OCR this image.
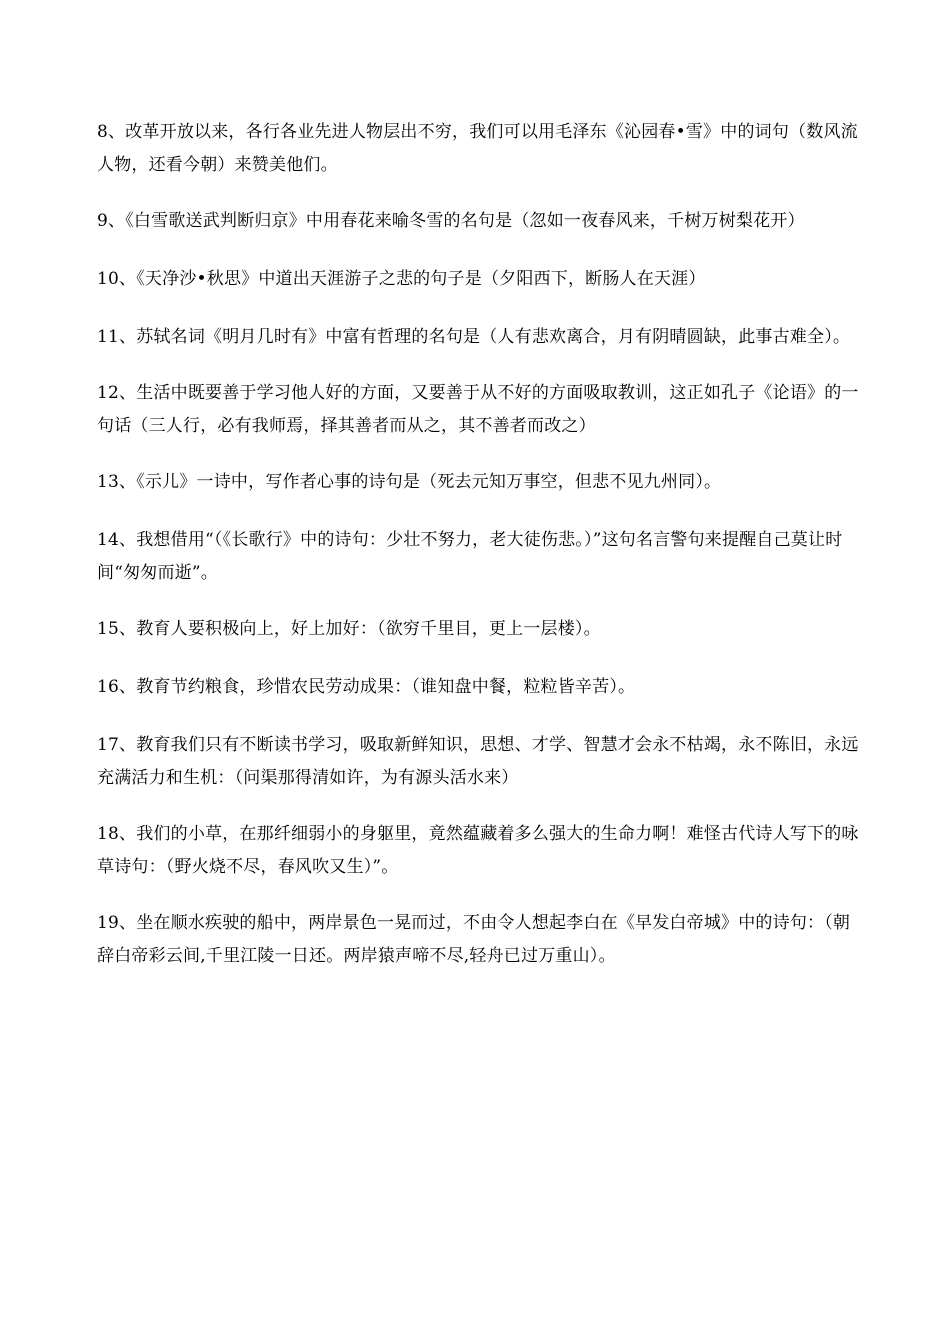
8、改革开放以来，各行各业先进人物层出不穷，我们可以用毛泽东《沁园春•雪》中的词句（数风流人物，还看今朝）来赞美他们。

9、《白雪歌送武判断归京》中用春花来喻冬雪的名句是（忽如一夜春风来，千树万树梨花开）

10、《天净沙•秋思》中道出天涯游子之悲的句子是（夕阳西下，断肠人在天涯）

11、苏轼名词《明月几时有》中富有哲理的名句是（人有悲欢离合，月有阴晴圆缺，此事古难全）。

12、生活中既要善于学习他人好的方面，又要善于从不好的方面吸取教训，这正如孔子《论语》的一句话（三人行，必有我师焉，择其善者而从之，其不善者而改之）

13、《示儿》一诗中，写作者心事的诗句是（死去元知万事空，但悲不见九州同）。

14、我想借用“（《长歌行》中的诗句：少壮不努力，老大徒伤悲。）”这句名言警句来提醒自己莫让时间“匆匆而逝”。

15、教育人要积极向上，好上加好：（欲穷千里目，更上一层楼）。

16、教育节约粮食，珍惜农民劳动成果：（谁知盘中餐，粒粒皆辛苦）。

17、教育我们只有不断读书学习，吸取新鲜知识，思想、才学、智慧才会永不枯竭，永不陈旧，永远充满活力和生机：（问渠那得清如许，为有源头活水来）

18、我们的小草，在那纤细弱小的身躯里，竟然蕴藏着多么强大的生命力啊！难怪古代诗人写下的咏草诗句：（野火烧不尽，春风吹又生）”。

19、坐在顺水疾驶的船中，两岸景色一晃而过，不由令人想起李白在《早发白帝城》中的诗句：（朝辞白帝彩云间,千里江陵一日还。两岸猿声啼不尽,轻舟已过万重山）。
